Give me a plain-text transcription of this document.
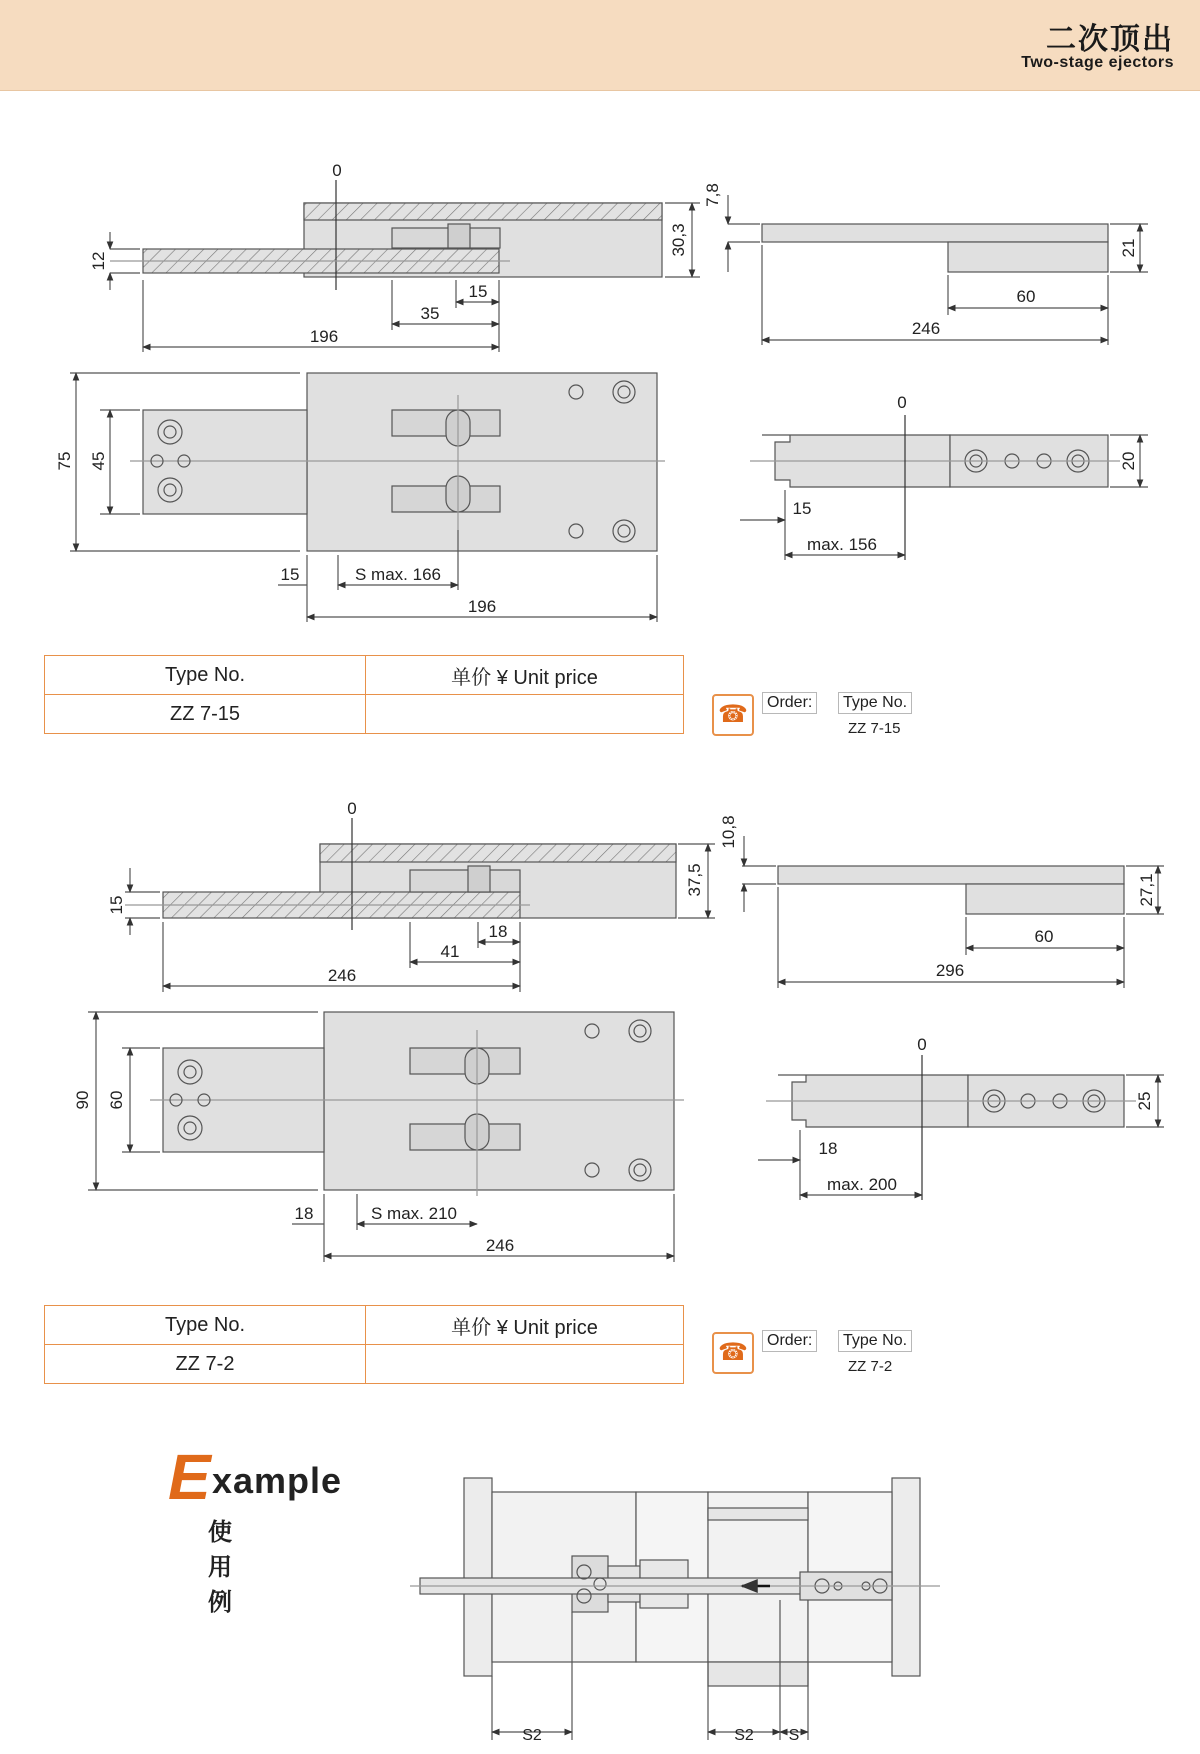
二次顶出
Two-stage ejectors
0
12
15
35
196
30,3
7,8
21
60
246
75 45
15	S max. 166
196
0
20
15
max. 156
0
15
18
41
246
37,5
10,8
27,1
60
296
90 60
18	S max. 210
246
0
25
18
max. 200
S2	S2 S
Type No.	单价 ¥ Unit price
ZZ 7-15		☎	Order:	Type No.
ZZ 7-15
Type No.	单价 ¥ Unit price
ZZ 7-2		☎	Order:	Type No.
ZZ 7-2
E xample
使用例
